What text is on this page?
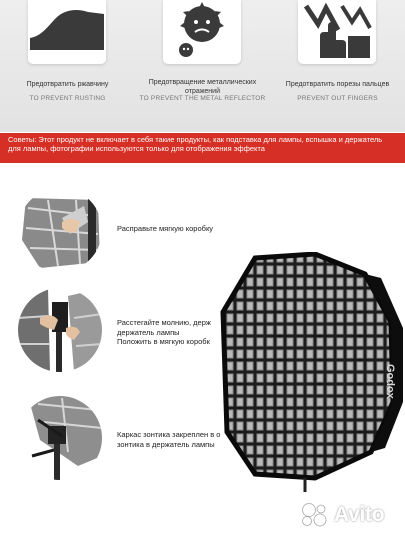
Предотвратить ржавчину
TO PREVENT RUSTING
Предотвращение металлических
отражений
TO PREVENT THE METAL REFLECTOR
Предотвратить порезы пальцев
PREVENT OUT FINGERS
Советы: Этот продукт не включает в себя такие продукты, как подставка для лампы, вспышка и держатель для лампы, фотографии используются только для отображения эффекта
Расправьте мягкую коробку
Расстегайте молнию, держ
держатель лампы
Положить в мягкую коробк
Каркас зонтика закреплен в о
зонтика в держатель лампы
Godox
Avito
